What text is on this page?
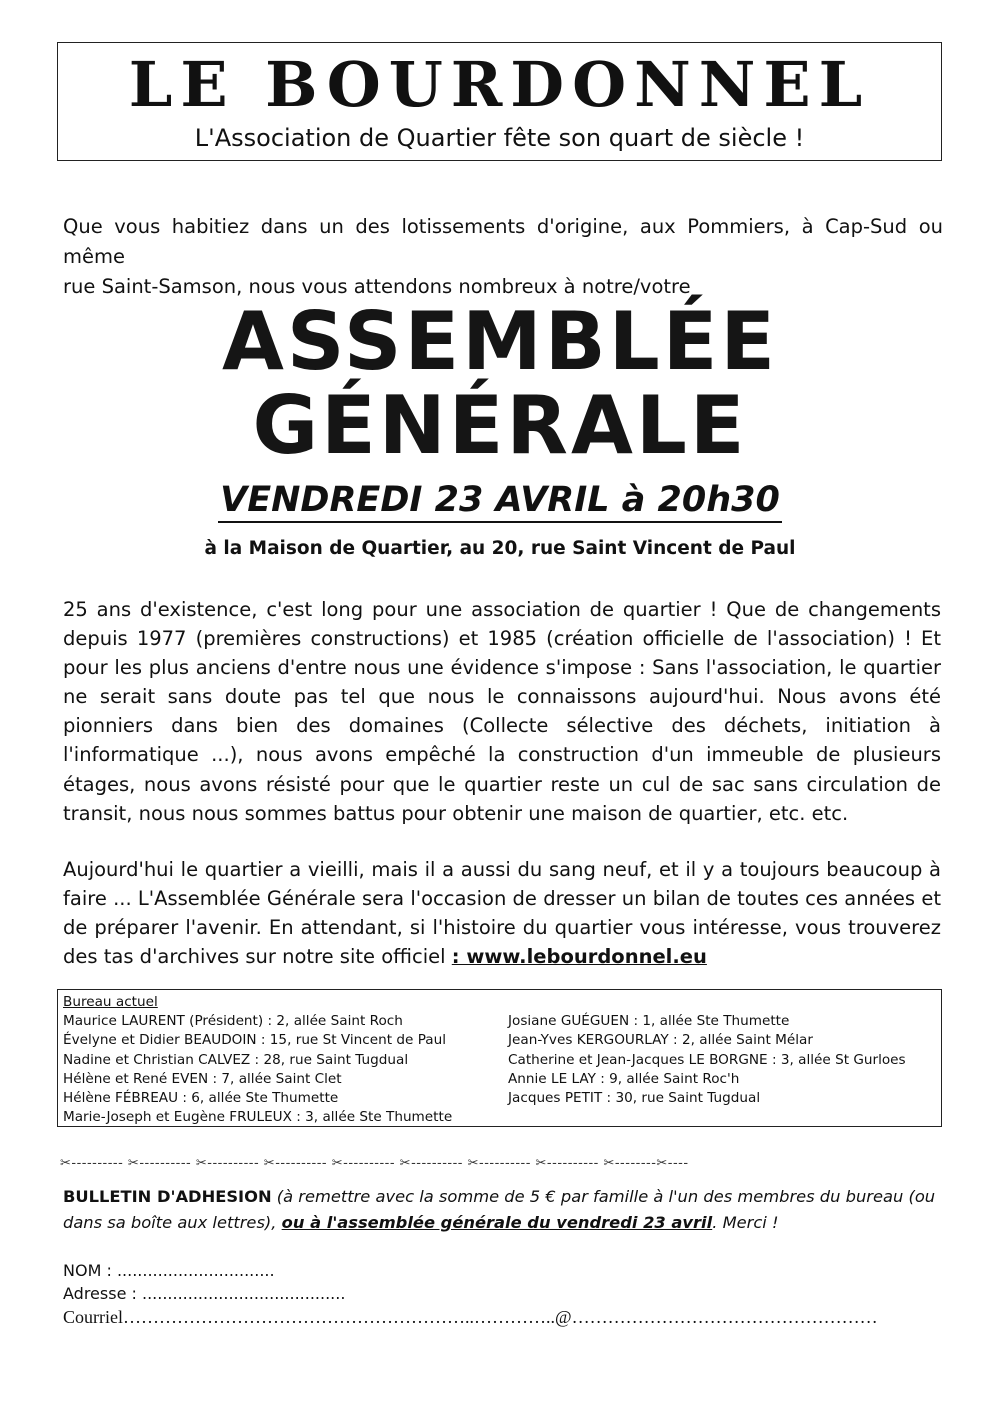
LE BOURDONNEL
L'Association de Quartier fête son quart de siècle !
Que vous habitiez dans un des lotissements d'origine, aux Pommiers, à Cap-Sud ou même
rue Saint-Samson, nous vous attendons nombreux à notre/votre
ASSEMBLÉE
GÉNÉRALE
VENDREDI 23 AVRIL à 20h30
à la Maison de Quartier, au 20, rue Saint Vincent de Paul
25 ans d'existence, c'est long pour une association de quartier ! Que de changements depuis 1977 (premières constructions) et 1985 (création officielle de l'association) ! Et pour les plus anciens d'entre nous une évidence s'impose : Sans l'association, le quartier ne serait sans doute pas tel que nous le connaissons aujourd'hui. Nous avons été pionniers dans bien des domaines (Collecte sélective des déchets, initiation à l'informatique ...), nous avons empêché la construction d'un immeuble de plusieurs étages, nous avons résisté pour que le quartier reste un cul de sac sans circulation de transit, nous nous sommes battus pour obtenir une maison de quartier, etc. etc.
Aujourd'hui le quartier a vieilli, mais il a aussi du sang neuf, et il y a toujours beaucoup à faire ... L'Assemblée Générale sera l'occasion de dresser un bilan de toutes ces années et de préparer l'avenir. En attendant, si l'histoire du quartier vous intéresse, vous trouverez des tas d'archives sur notre site officiel : www.lebourdonnel.eu
Bureau actuel
Maurice LAURENT (Président) : 2, allée Saint Roch
Évelyne et Didier BEAUDOIN : 15, rue St Vincent de Paul
Nadine et Christian CALVEZ : 28, rue Saint Tugdual
Hélène et René EVEN : 7, allée Saint Clet
Hélène FÉBREAU : 6, allée Ste Thumette
Marie-Joseph et Eugène FRULEUX : 3, allée Ste Thumette
Josiane GUÉGUEN : 1, allée Ste Thumette
Jean-Yves KERGOURLAY : 2, allée Saint Mélar
Catherine et Jean-Jacques LE BORGNE : 3, allée St Gurloes
Annie LE LAY : 9, allée Saint Roc'h
Jacques PETIT : 30, rue Saint Tugdual
✂---------- ✂---------- ✂---------- ✂---------- ✂---------- ✂---------- ✂---------- ✂---------- ✂--------✂----
BULLETIN D'ADHESION (à remettre avec la somme de 5 € par famille à l'un des membres du bureau (ou dans sa boîte aux lettres), ou à l'assemblée générale du vendredi 23 avril. Merci !
NOM : ...............................
Adresse : ........................................
Courriel…………………………………………………..…………..@……………………………………………
